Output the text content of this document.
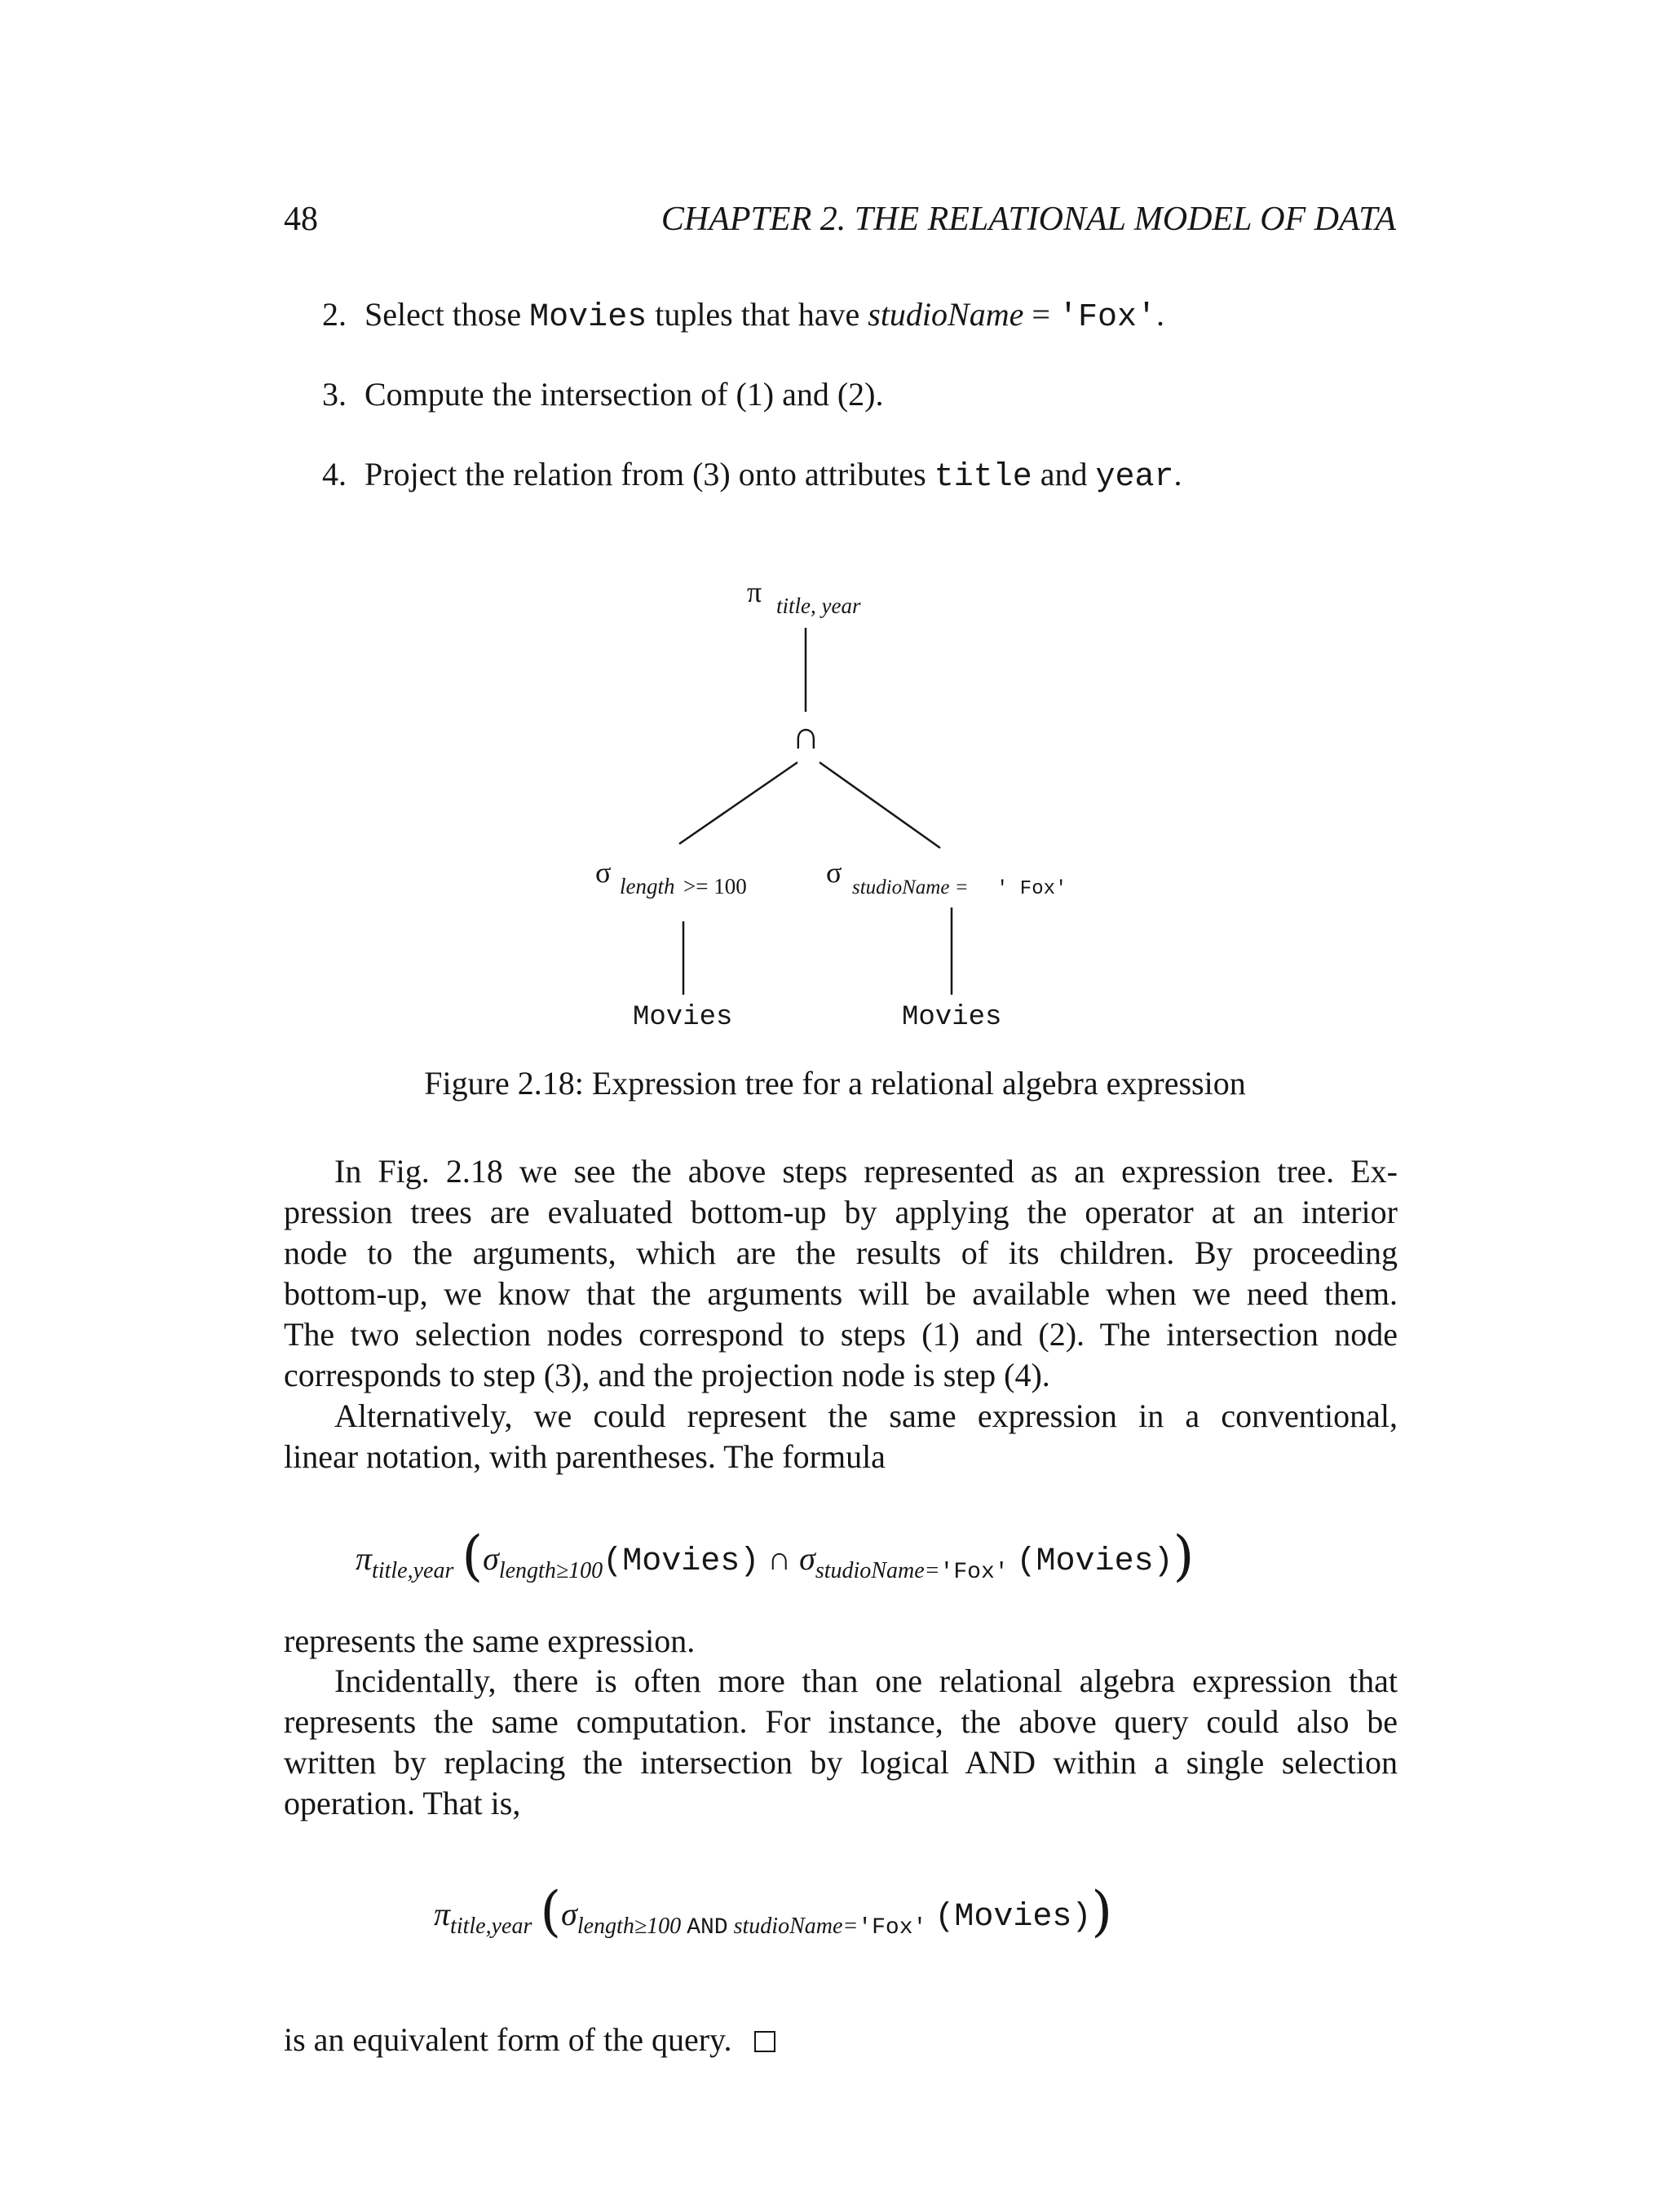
48	CHAPTER 2. THE RELATIONAL MODEL OF DATA
2. Select those Movies tuples that have studioName = 'Fox'.
3. Compute the intersection of (1) and (2).
4. Project the relation from (3) onto attributes title and year.
π title, year
∩
σ length >= 100	σ studioName = ' Fox'
Movies	Movies
Figure 2.18: Expression tree for a relational algebra expression
In Fig. 2.18 we see the above steps represented as an expression tree. Ex-
pression trees are evaluated bottom-up by applying the operator at an interior
node to the arguments, which are the results of its children. By proceeding
bottom-up, we know that the arguments will be available when we need them.
The two selection nodes correspond to steps (1) and (2). The intersection node
corresponds to step (3), and the projection node is step (4).
Alternatively, we could represent the same expression in a conventional,
linear notation, with parentheses. The formula
$\pi_{title,year}$ ($\sigma_{length\ge 100}(Movies)$ ∩ $\sigma_{studioName='Fox'}$ (Movies))
represents the same expression.
Incidentally, there is often more than one relational algebra expression that
represents the same computation. For instance, the above query could also be
written by replacing the intersection by logical AND within a single selection
operation. That is,
$\pi_{title,year}$ ($\sigma_{length\ge 100 AND studioName='Fox'}$ (Movies))
is an equivalent form of the query.
